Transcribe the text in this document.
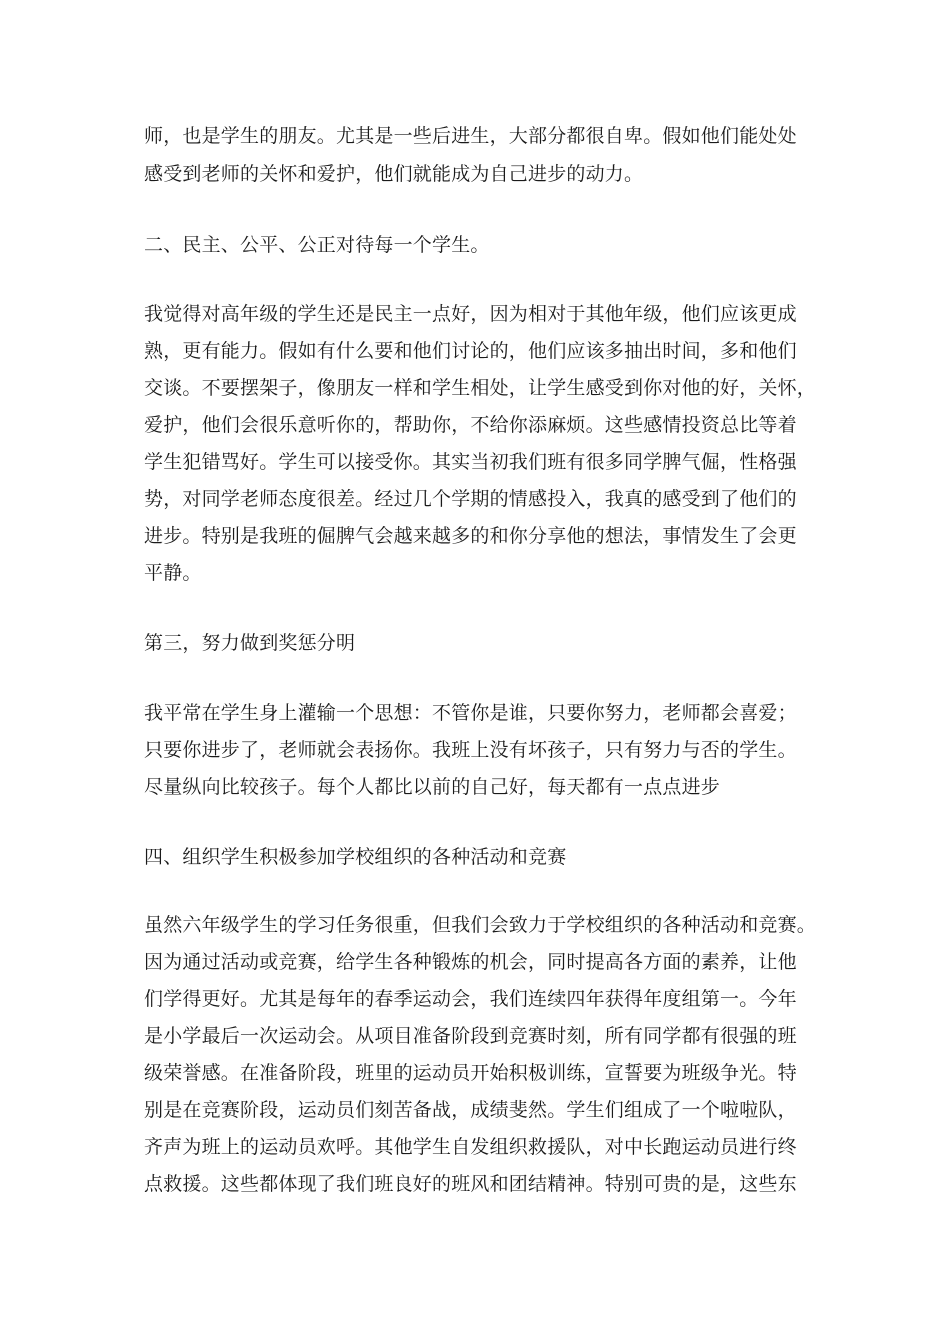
师，也是学生的朋友。尤其是一些后进生，大部分都很自卑。假如他们能处处
感受到老师的关怀和爱护，他们就能成为自己进步的动力。
二、民主、公平、公正对待每一个学生。
我觉得对高年级的学生还是民主一点好，因为相对于其他年级，他们应该更成
熟，更有能力。假如有什么要和他们讨论的，他们应该多抽出时间，多和他们
交谈。不要摆架子，像朋友一样和学生相处，让学生感受到你对他的好，关怀，
爱护，他们会很乐意听你的，帮助你，不给你添麻烦。这些感情投资总比等着
学生犯错骂好。学生可以接受你。其实当初我们班有很多同学脾气倔，性格强
势，对同学老师态度很差。经过几个学期的情感投入，我真的感受到了他们的
进步。特别是我班的倔脾气会越来越多的和你分享他的想法，事情发生了会更
平静。
第三，努力做到奖惩分明
我平常在学生身上灌输一个思想：不管你是谁，只要你努力，老师都会喜爱；
只要你进步了，老师就会表扬你。我班上没有坏孩子，只有努力与否的学生。
尽量纵向比较孩子。每个人都比以前的自己好，每天都有一点点进步
四、组织学生积极参加学校组织的各种活动和竞赛
虽然六年级学生的学习任务很重，但我们会致力于学校组织的各种活动和竞赛。
因为通过活动或竞赛，给学生各种锻炼的机会，同时提高各方面的素养，让他
们学得更好。尤其是每年的春季运动会，我们连续四年获得年度组第一。今年
是小学最后一次运动会。从项目准备阶段到竞赛时刻，所有同学都有很强的班
级荣誉感。在准备阶段，班里的运动员开始积极训练，宣誓要为班级争光。特
别是在竞赛阶段，运动员们刻苦备战，成绩斐然。学生们组成了一个啦啦队，
齐声为班上的运动员欢呼。其他学生自发组织救援队，对中长跑运动员进行终
点救援。这些都体现了我们班良好的班风和团结精神。特别可贵的是，这些东
